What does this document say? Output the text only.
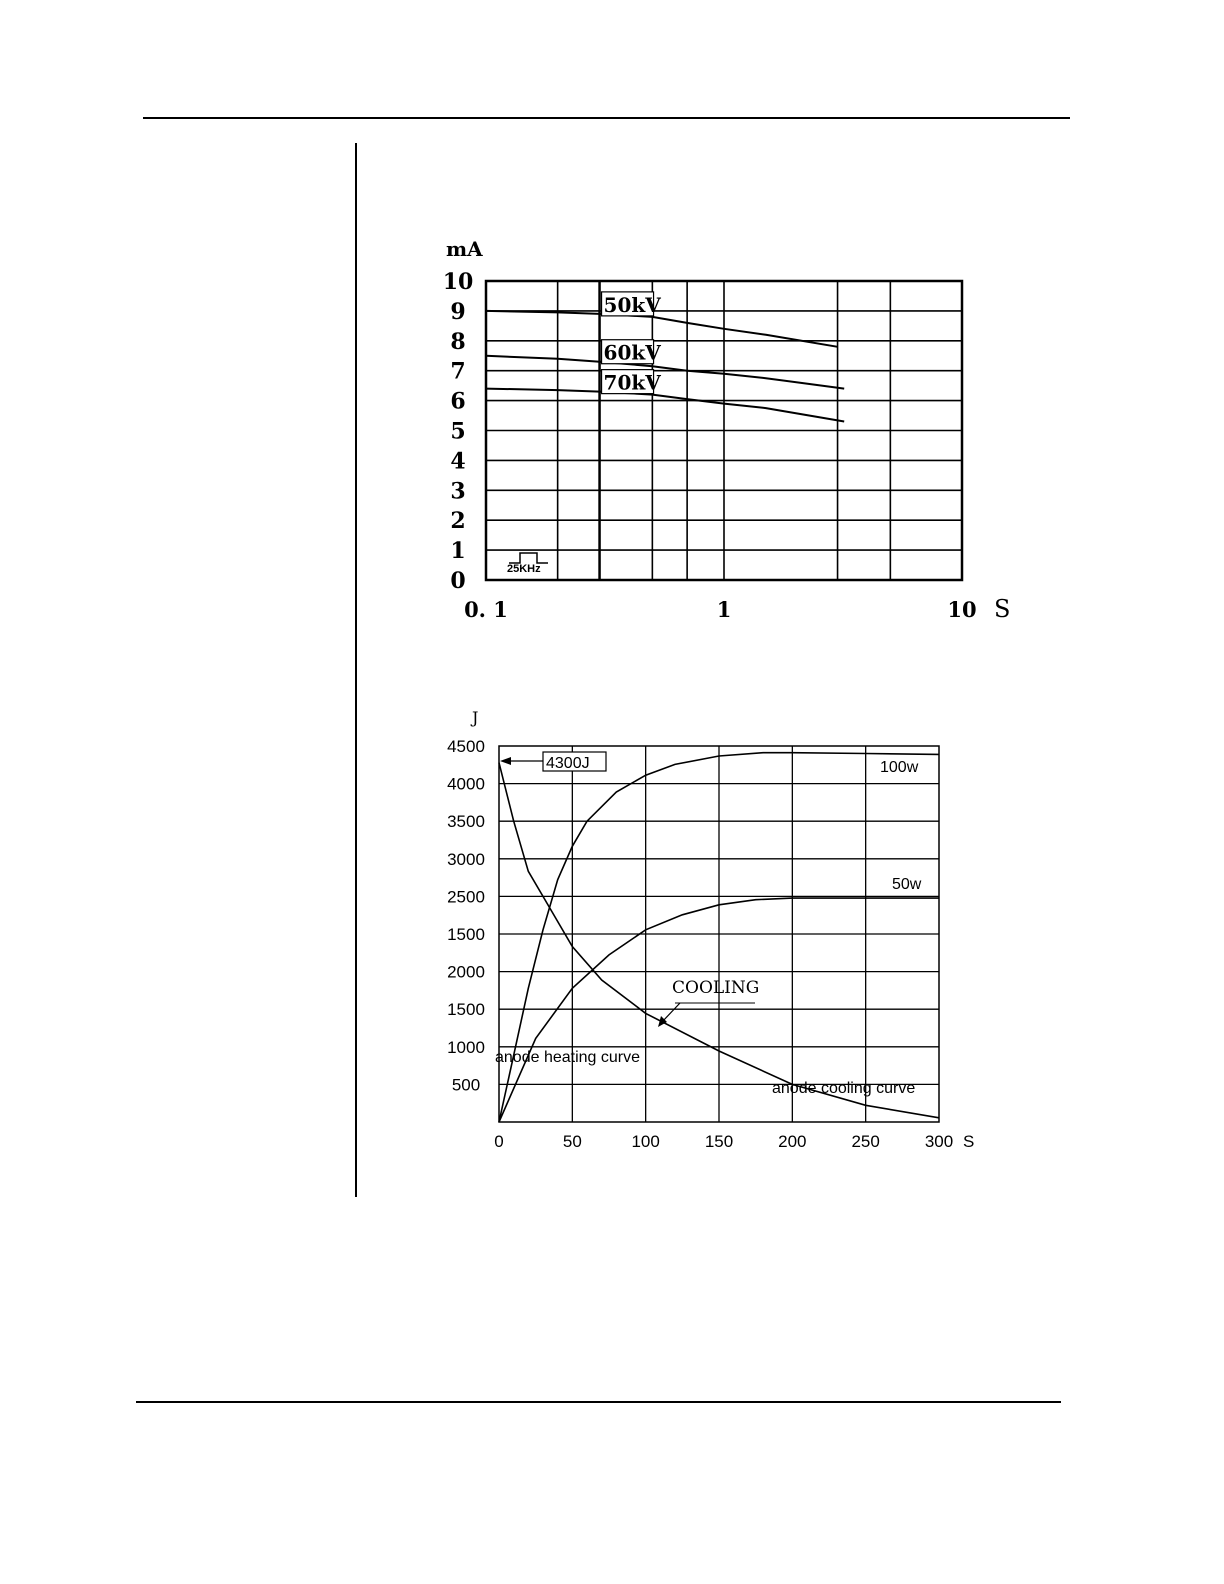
50kV
60kV
70kV
0
1
2
3
4
5
6
7
8
9
10
0. 1	1	10
mA
S
25KHz
100w
50w
500
1000
1500
2000
1500
2500
3000
3500
4000
4500
0	50	100	150	200	250	300
4300J
COOLING
anode heating curve
anode cooling curve
J
S
